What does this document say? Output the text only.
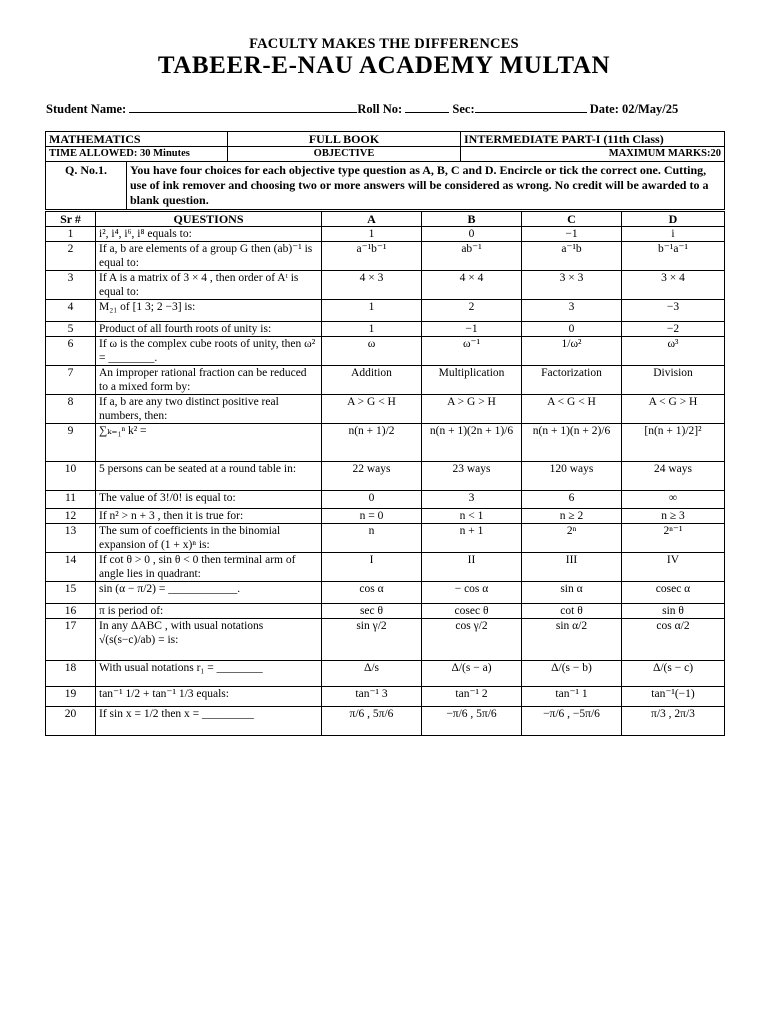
FACULTY MAKES THE DIFFERENCES
TABEER-E-NAU ACADEMY MULTAN
Student Name:	Roll No:	Sec:	Date: 02/May/25
MATHEMATICS	FULL BOOK	INTERMEDIATE PART-I (11th Class)
TIME ALLOWED: 30 Minutes	OBJECTIVE	MAXIMUM MARKS:20
Q. No.1.	You have four choices for each objective type question as A, B, C and D. Encircle or tick the correct one. Cutting, use of ink remover and choosing two or more answers will be considered as wrong. No credit will be awarded to a blank question.
Sr #	QUESTIONS	A	B	C	D
1	i², i⁴, i⁶, i⁸ equals to:	1	0	−1	i
2	If a, b are elements of a group G then (ab)⁻¹ is equal to:	a⁻¹b⁻¹	ab⁻¹	a⁻¹b	b⁻¹a⁻¹
3	If A is a matrix of 3 × 4 , then order of Aᵗ is equal to:	4 × 3	4 × 4	3 × 3	3 × 4
4	M₂₁ of [1 3; 2 −3] is:	1	2	3	−3
5	Product of all fourth roots of unity is:	1	−1	0	−2
6	If ω is the complex cube roots of unity, then ω² = ________.	ω	ω⁻¹	1/ω²	ω³
7	An improper rational fraction can be reduced to a mixed form by:	Addition	Multiplication	Factorization	Division
8	If a, b are any two distinct positive real numbers, then:	A > G < H	A > G > H	A < G < H	A < G > H
9	∑ₖ₌₁ⁿ k² =	n(n + 1)/2	n(n + 1)(2n + 1)/6	n(n + 1)(n + 2)/6	[n(n + 1)/2]²
10	5 persons can be seated at a round table in:	22 ways	23 ways	120 ways	24 ways
11	The value of 3!/0! is equal to:	0	3	6	∞
12	If n² > n + 3 , then it is true for:	n = 0	n < 1	n ≥ 2	n ≥ 3
13	The sum of coefficients in the binomial expansion of (1 + x)ⁿ is:	n	n + 1	2ⁿ	2ⁿ⁻¹
14	If cot θ > 0 , sin θ < 0 then terminal arm of angle lies in quadrant:	I	II	III	IV
15	sin (α − π/2) = ____________.	cos α	− cos α	sin α	cosec α
16	π is period of:	sec θ	cosec θ	cot θ	sin θ
17	In any ΔABC , with usual notations √(s(s−c)/ab) = is:	sin γ/2	cos γ/2	sin α/2	cos α/2
18	With usual notations r₁ = ________	Δ/s	Δ/(s − a)	Δ/(s − b)	Δ/(s − c)
19	tan⁻¹ 1/2 + tan⁻¹ 1/3 equals:	tan⁻¹ 3	tan⁻¹ 2	tan⁻¹ 1	tan⁻¹(−1)
20	If sin x = 1/2 then x = _________	π/6 , 5π/6	−π/6 , 5π/6	−π/6 , −5π/6	π/3 , 2π/3
